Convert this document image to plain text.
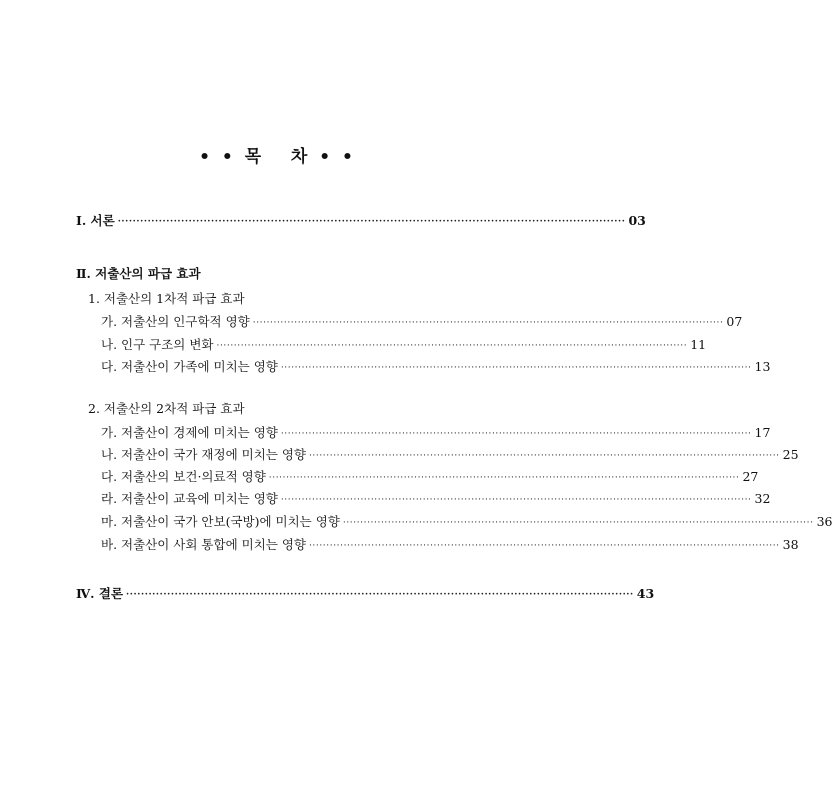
• • 목   차 • •
Ⅰ. 서론 ········································································································································ 03
Ⅱ. 저출산의 파급 효과
1. 저출산의 1차적 파급 효과
가. 저출산의 인구학적 영향 ········································································································································ 07
나. 인구 구조의 변화 ········································································································································ 11
다. 저출산이 가족에 미치는 영향 ········································································································································ 13
2. 저출산의 2차적 파급 효과
가. 저출산이 경제에 미치는 영향 ········································································································································ 17
나. 저출산이 국가 재정에 미치는 영향 ········································································································································ 25
다. 저출산의 보건·의료적 영향 ········································································································································ 27
라. 저출산이 교육에 미치는 영향 ········································································································································ 32
마. 저출산이 국가 안보(국방)에 미치는 영향 ········································································································································ 36
바. 저출산이 사회 통합에 미치는 영향 ········································································································································ 38
Ⅳ. 결론 ········································································································································ 43
